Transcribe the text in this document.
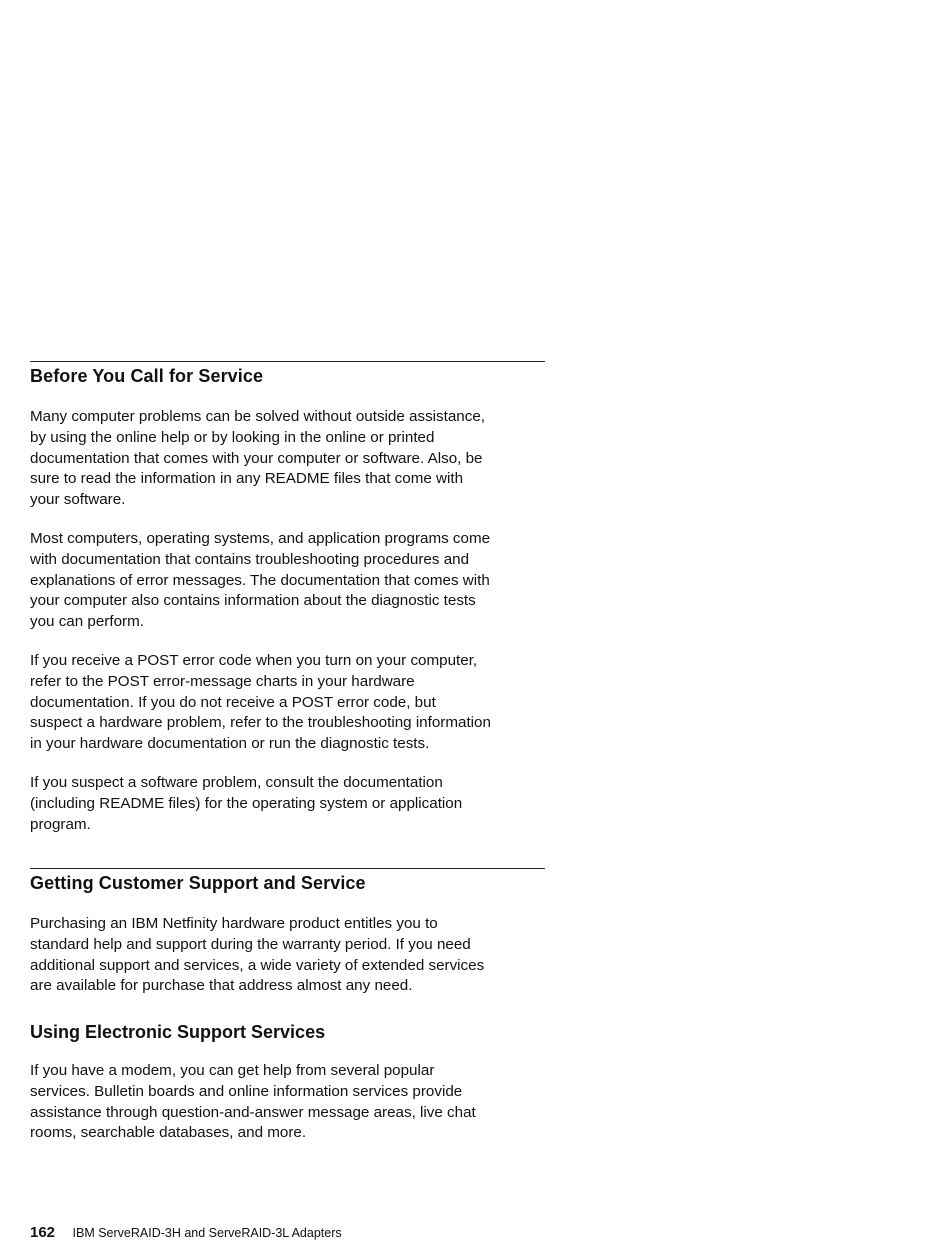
Before You Call for Service

Many computer problems can be solved without outside assistance,
by using the online help or by looking in the online or printed
documentation that comes with your computer or software. Also, be
sure to read the information in any README files that come with
your software.

Most computers, operating systems, and application programs come
with documentation that contains troubleshooting procedures and
explanations of error messages. The documentation that comes with
your computer also contains information about the diagnostic tests
you can perform.

If you receive a POST error code when you turn on your computer,
refer to the POST error-message charts in your hardware
documentation. If you do not receive a POST error code, but
suspect a hardware problem, refer to the troubleshooting information
in your hardware documentation or run the diagnostic tests.

If you suspect a software problem, consult the documentation
(including README files) for the operating system or application
program.

Getting Customer Support and Service

Purchasing an IBM Netfinity hardware product entitles you to
standard help and support during the warranty period. If you need
additional support and services, a wide variety of extended services
are available for purchase that address almost any need.

Using Electronic Support Services

If you have a modem, you can get help from several popular
services. Bulletin boards and online information services provide
assistance through question-and-answer message areas, live chat
rooms, searchable databases, and more.

162 IBM ServeRAID-3H and ServeRAID-3L Adapters
